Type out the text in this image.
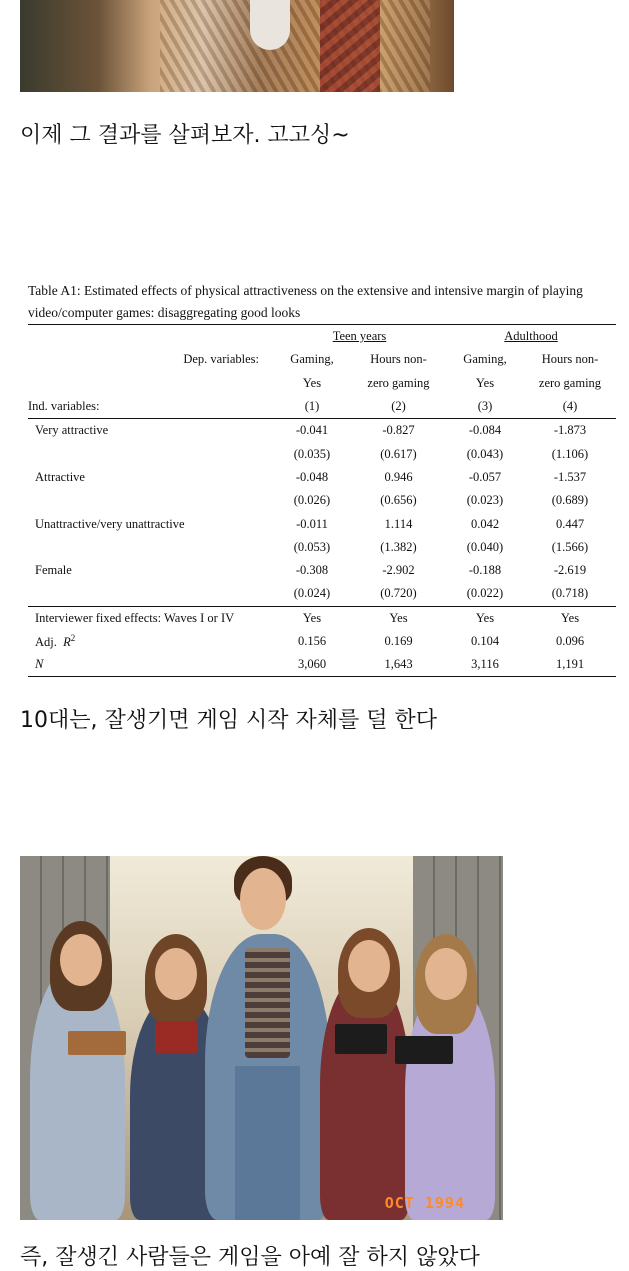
이제 그 결과를 살펴보자. 고고싱~
Table A1: Estimated effects of physical attractiveness on the extensive and intensive margin of playing video/computer games: disaggregating good looks
	Teen years		Adulthood	
Dep. variables:	Gaming,	Hours non-	Gaming,	Hours non-
	Yes	zero gaming	Yes	zero gaming
Ind. variables:	(1)	(2)	(3)	(4)
Very attractive	-0.041	-0.827	-0.084	-1.873
	(0.035)	(0.617)	(0.043)	(1.106)
Attractive	-0.048	0.946	-0.057	-1.537
	(0.026)	(0.656)	(0.023)	(0.689)
Unattractive/very unattractive	-0.011	1.114	0.042	0.447
	(0.053)	(1.382)	(0.040)	(1.566)
Female	-0.308	-2.902	-0.188	-2.619
	(0.024)	(0.720)	(0.022)	(0.718)
Interviewer fixed effects: Waves I or IV	Yes	Yes	Yes	Yes
Adj. $R^2$	0.156	0.169	0.104	0.096
N	3,060	1,643	3,116	1,191
10대는, 잘생기면 게임 시작 자체를 덜 한다
OCT 1994
즉, 잘생긴 사람들은 게임을 아예 잘 하지 않았다
